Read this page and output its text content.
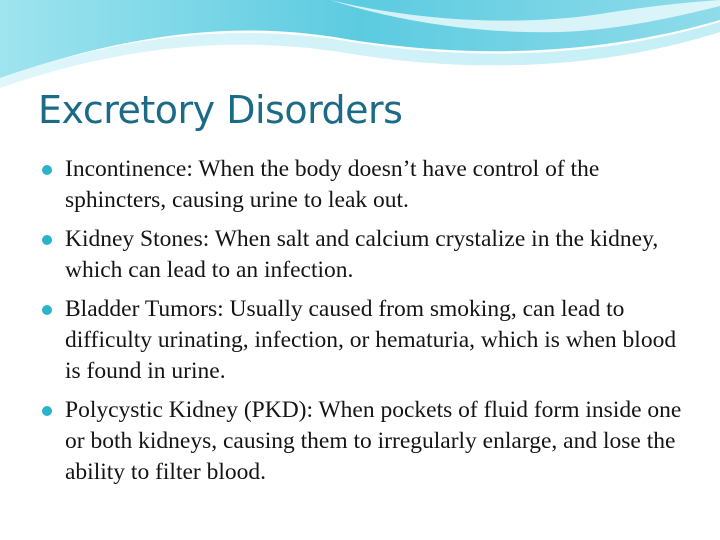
Excretory Disorders
Incontinence: When the body doesn’t have control of the sphincters, causing urine to leak out.
Kidney Stones: When salt and calcium crystalize in the kidney, which can lead to an infection.
Bladder Tumors: Usually caused from smoking, can lead to difficulty urinating, infection, or hematuria, which is when blood is found in urine.
Polycystic Kidney (PKD): When pockets of fluid form inside one or both kidneys, causing them to irregularly enlarge, and lose the ability to filter blood.
